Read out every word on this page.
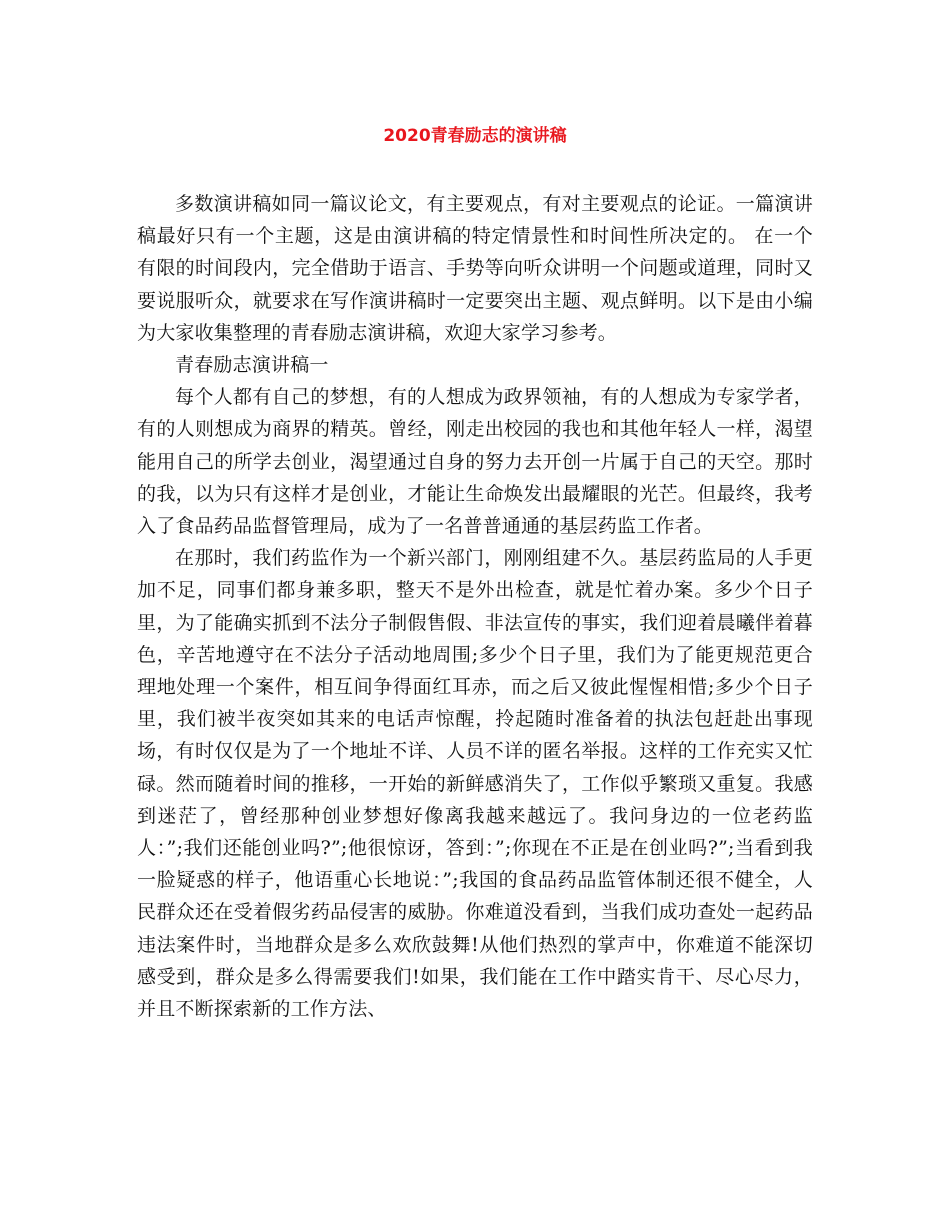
2020青春励志的演讲稿

多数演讲稿如同一篇议论文，有主要观点，有对主要观点的论证。一篇演讲稿最好只有一个主题，这是由演讲稿的特定情景性和时间性所决定的。 在一个有限的时间段内，完全借助于语言、手势等向听众讲明一个问题或道理，同时又要说服听众，就要求在写作演讲稿时一定要突出主题、观点鲜明。以下是由小编为大家收集整理的青春励志演讲稿，欢迎大家学习参考。

青春励志演讲稿一

每个人都有自己的梦想，有的人想成为政界领袖，有的人想成为专家学者，有的人则想成为商界的精英。曾经，刚走出校园的我也和其他年轻人一样，渴望能用自己的所学去创业，渴望通过自身的努力去开创一片属于自己的天空。那时的我，以为只有这样才是创业，才能让生命焕发出最耀眼的光芒。但最终，我考入了食品药品监督管理局，成为了一名普普通通的基层药监工作者。

在那时，我们药监作为一个新兴部门，刚刚组建不久。基层药监局的人手更加不足，同事们都身兼多职，整天不是外出检查，就是忙着办案。多少个日子里，为了能确实抓到不法分子制假售假、非法宣传的事实，我们迎着晨曦伴着暮色，辛苦地遵守在不法分子活动地周围;多少个日子里，我们为了能更规范更合理地处理一个案件，相互间争得面红耳赤，而之后又彼此惺惺相惜;多少个日子里，我们被半夜突如其来的电话声惊醒，拎起随时准备着的执法包赶赴出事现场，有时仅仅是为了一个地址不详、人员不详的匿名举报。这样的工作充实又忙碌。然而随着时间的推移，一开始的新鲜感消失了，工作似乎繁琐又重复。我感到迷茫了，曾经那种创业梦想好像离我越来越远了。我问身边的一位老药监人：”;我们还能创业吗?”;他很惊讶，答到：”;你现在不正是在创业吗?”;当看到我一脸疑惑的样子，他语重心长地说：”;我国的食品药品监管体制还很不健全，人民群众还在受着假劣药品侵害的威胁。你难道没看到，当我们成功查处一起药品违法案件时，当地群众是多么欢欣鼓舞!从他们热烈的掌声中，你难道不能深切感受到，群众是多么得需要我们!如果，我们能在工作中踏实肯干、尽心尽力，并且不断探索新的工作方法、
